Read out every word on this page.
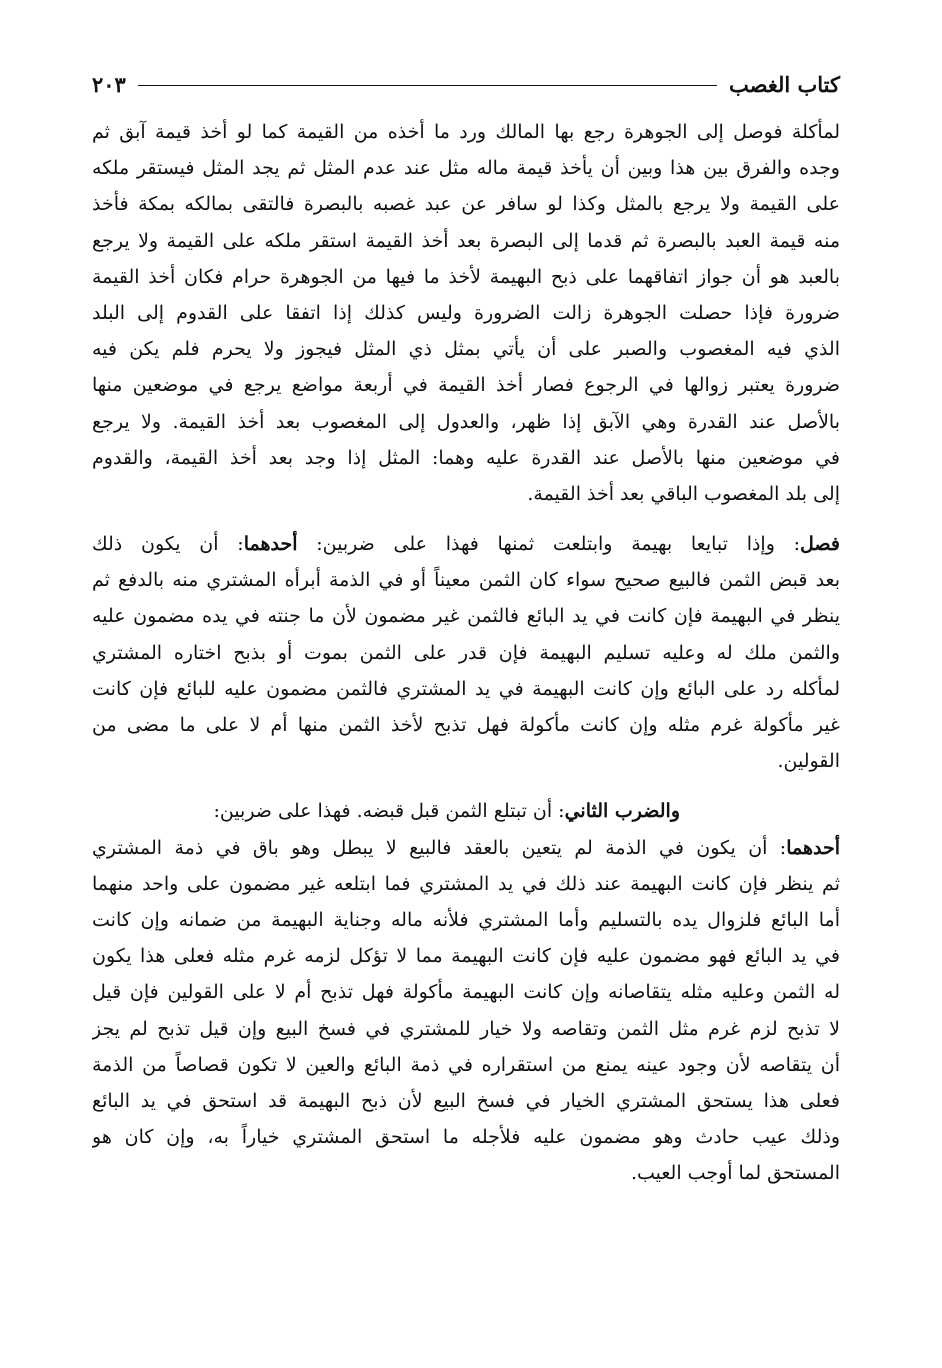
كتاب الغصب
٢٠٣
لمأكلة فوصل إلى الجوهرة رجع بها المالك ورد ما أخذه من القيمة كما لو أخذ قيمة آبق ثم
وجده والفرق بين هذا وبين أن يأخذ قيمة ماله مثل عند عدم المثل ثم يجد المثل فيستقر ملكه
على القيمة ولا يرجع بالمثل وكذا لو سافر عن عبد غصبه بالبصرة فالتقى بمالكه بمكة فأخذ
منه قيمة العبد بالبصرة ثم قدما إلى البصرة بعد أخذ القيمة استقر ملكه على القيمة ولا يرجع
بالعبد هو أن جواز اتفاقهما على ذبح البهيمة لأخذ ما فيها من الجوهرة حرام فكان أخذ القيمة
ضرورة فإذا حصلت الجوهرة زالت الضرورة وليس كذلك إذا اتفقا على القدوم إلى البلد
الذي فيه المغصوب والصبر على أن يأتي بمثل ذي المثل فيجوز ولا يحرم فلم يكن فيه
ضرورة يعتبر زوالها في الرجوع فصار أخذ القيمة في أربعة مواضع يرجع في موضعين منها
بالأصل عند القدرة وهي الآبق إذا ظهر، والعدول إلى المغصوب بعد أخذ القيمة. ولا يرجع
في موضعين منها بالأصل عند القدرة عليه وهما: المثل إذا وجد بعد أخذ القيمة، والقدوم
إلى بلد المغصوب الباقي بعد أخذ القيمة.
فصل: وإذا تبايعا بهيمة وابتلعت ثمنها فهذا على ضربين: أحدهما: أن يكون ذلك
بعد قبض الثمن فالبيع صحيح سواء كان الثمن معيناً أو في الذمة أبرأه المشتري منه بالدفع ثم
ينظر في البهيمة فإن كانت في يد البائع فالثمن غير مضمون لأن ما جنته في يده مضمون عليه
والثمن ملك له وعليه تسليم البهيمة فإن قدر على الثمن بموت أو بذبح اختاره المشتري
لمأكله رد على البائع وإن كانت البهيمة في يد المشتري فالثمن مضمون عليه للبائع فإن كانت
غير مأكولة غرم مثله وإن كانت مأكولة فهل تذبح لأخذ الثمن منها أم لا على ما مضى من
القولين.
والضرب الثاني: أن تبتلع الثمن قبل قبضه. فهذا على ضربين:
أحدهما: أن يكون في الذمة لم يتعين بالعقد فالبيع لا يبطل وهو باق في ذمة المشتري
ثم ينظر فإن كانت البهيمة عند ذلك في يد المشتري فما ابتلعه غير مضمون على واحد منهما
أما البائع فلزوال يده بالتسليم وأما المشتري فلأنه ماله وجناية البهيمة من ضمانه وإن كانت
في يد البائع فهو مضمون عليه فإن كانت البهيمة مما لا تؤكل لزمه غرم مثله فعلى هذا يكون
له الثمن وعليه مثله يتقاصانه وإن كانت البهيمة مأكولة فهل تذبح أم لا على القولين فإن قيل
لا تذبح لزم غرم مثل الثمن وتقاصه ولا خيار للمشتري في فسخ البيع وإن قيل تذبح لم يجز
أن يتقاصه لأن وجود عينه يمنع من استقراره في ذمة البائع والعين لا تكون قصاصاً من الذمة
فعلى هذا يستحق المشتري الخيار في فسخ البيع لأن ذبح البهيمة قد استحق في يد البائع
وذلك عيب حادث وهو مضمون عليه فلأجله ما استحق المشتري خياراً به، وإن كان هو
المستحق لما أوجب العيب.
